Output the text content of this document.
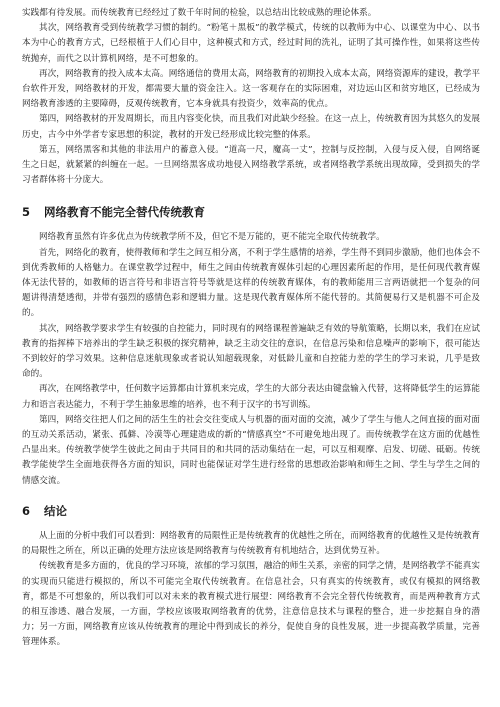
实践都有待发展。而传统教育已经经过了数千年时间的检验，以总结出比较成熟的理论体系。

其次，网络教育受到传统教学习惯的制约。“粉笔＋黑板”的教学模式，传统的以教师为中心、以课堂为中心、以书本为中心的教育方式，已经根植于人们心目中，这种模式和方式，经过时间的洗礼，证明了其可操作性，如果将这些传统抛弃，而代之以计算机网络，是不可想象的。

再次，网络教育的投入成本太高。网络通信的费用太高，网络教育的初期投入成本太高，网络资源库的建设，教学平台软件开发，网络教材的开发，都需要大量的资金注入。这一客观存在的实际困难，对边远山区和贫穷地区，已经成为网络教育渗透的主要障碍，反观传统教育，它本身就具有投资少，效率高的优点。

第四，网络教材的开发周期长，而且内容变化快，而且我们对此缺少经验。在这一点上，传统教育因为其悠久的发展历史，古今中外学者专家思想的积淀，教材的开发已经形成比较完整的体系。

第五，网络黑客和其他的非法用户的蓄意入侵。“道高一尺，魔高一丈”，控制与反控制，入侵与反入侵，自网络诞生之日起，就紧紧的纠缠在一起。一旦网络黑客成功地侵入网络教学系统，或者网络教学系统出现故障，受到损失的学习者群体将十分庞大。

5	网络教育不能完全替代传统教育

网络教育虽然有许多优点为传统教学所不及，但它不是万能的，更不能完全取代传统教学。

首先，网络化的教育，使得教师和学生之间互相分离，不利于学生感情的培养，学生得不到同步激励，他们也体会不到优秀教师的人格魅力。在课堂教学过程中，师生之间由传统教育媒体引起的心理因素所起的作用，是任何现代教育媒体无法代替的，如教师的语言符号和非语言符号等就是这样的传统教育媒体，有的教师能用三言两语就把一个复杂的问题讲得清楚透彻，并带有强烈的感情色彩和逻辑力量。这是现代教育媒体所不能代替的。其简便易行又是机器不可企及的。

其次，网络教学要求学生有较强的自控能力，同时现有的网络课程普遍缺乏有效的导航策略，长期以来，我们在应试教育的指挥棒下培养出的学生缺乏积极的探究精神，缺乏主动交往的意识，在信息污染和信息噪声的影响下，很可能达不到较好的学习效果。这种信息迷航现象或者说认知超载现象，对低龄儿童和自控能力差的学生的学习来说，几乎是致命的。

再次，在网络教学中，任何数字运算都由计算机来完成，学生的大部分表达由键盘输入代替，这将降低学生的运算能力和语言表达能力，不利于学生抽象思维的培养，也不利于汉字的书写训练。

第四，网络交往把人们之间的活生生的社会交往变成人与机器的面对面的交流，减少了学生与他人之间直接的面对面的互动关系活动，紧张、孤僻、冷漠等心理建造成的新的“情感真空”不可避免地出现了。而传统教学在这方面的优越性凸显出来。传统教学使学生彼此之间由于共同目的和共同的活动集结在一起，可以互相观摩、启发、切磋、砥砺。传统教学能使学生全面地获得各方面的知识，同时也能保证对学生进行经常的思想政治影响和师生之间、学生与学生之间的情感交流。

6	结论

从上面的分析中我们可以看到：网络教育的局限性正是传统教育的优越性之所在，而网络教育的优越性又是传统教育的局限性之所在，所以正确的处理方法应该是网络教育与传统教育有机地结合，达到优势互补。

传统教育是多方面的，优良的学习环境，浓郁的学习氛围，融洽的师生关系，亲密的同学之情，是网络教学不能真实的实现而只能进行模拟的，所以不可能完全取代传统教育。在信息社会，只有真实的传统教育，或仅有模拟的网络教育，都是不可想象的，所以我们可以对未来的教育模式进行展望：网络教育不会完全替代传统教育，而是两种教育方式的相互渗透、融合发展，一方面，学校应该吸取网络教育的优势，注意信息技术与课程的整合，进一步挖掘自身的潜力；另一方面，网络教育应该从传统教育的理论中得到成长的养分，促使自身的良性发展，进一步提高教学质量，完善管理体系。
